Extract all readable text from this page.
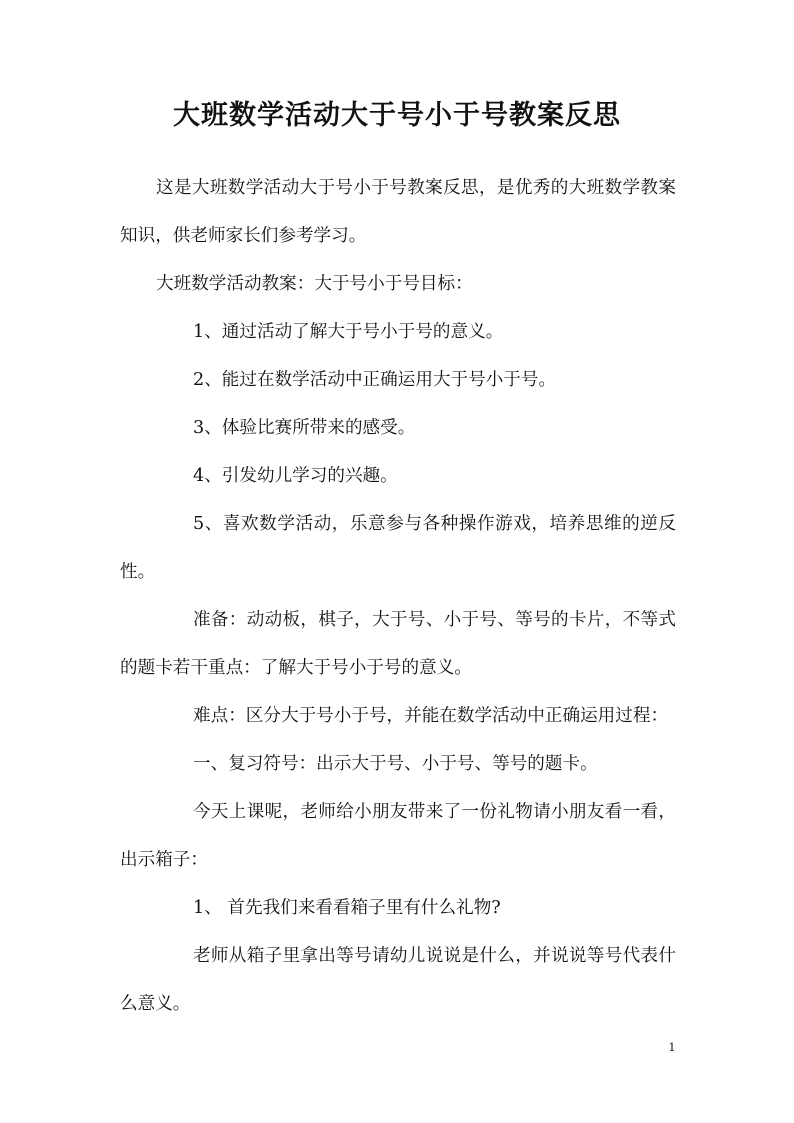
大班数学活动大于号小于号教案反思

这是大班数学活动大于号小于号教案反思，是优秀的大班数学教案知识，供老师家长们参考学习。

大班数学活动教案：大于号小于号目标：

1、通过活动了解大于号小于号的意义。

2、能过在数学活动中正确运用大于号小于号。

3、体验比赛所带来的感受。

4、引发幼儿学习的兴趣。

5、喜欢数学活动，乐意参与各种操作游戏，培养思维的逆反性。

准备：动动板，棋子，大于号、小于号、等号的卡片，不等式的题卡若干重点：了解大于号小于号的意义。

难点：区分大于号小于号，并能在数学活动中正确运用过程：

一、复习符号：出示大于号、小于号、等号的题卡。

今天上课呢，老师给小朋友带来了一份礼物请小朋友看一看，出示箱子：

1、 首先我们来看看箱子里有什么礼物?

老师从箱子里拿出等号请幼儿说说是什么，并说说等号代表什么意义。

1
